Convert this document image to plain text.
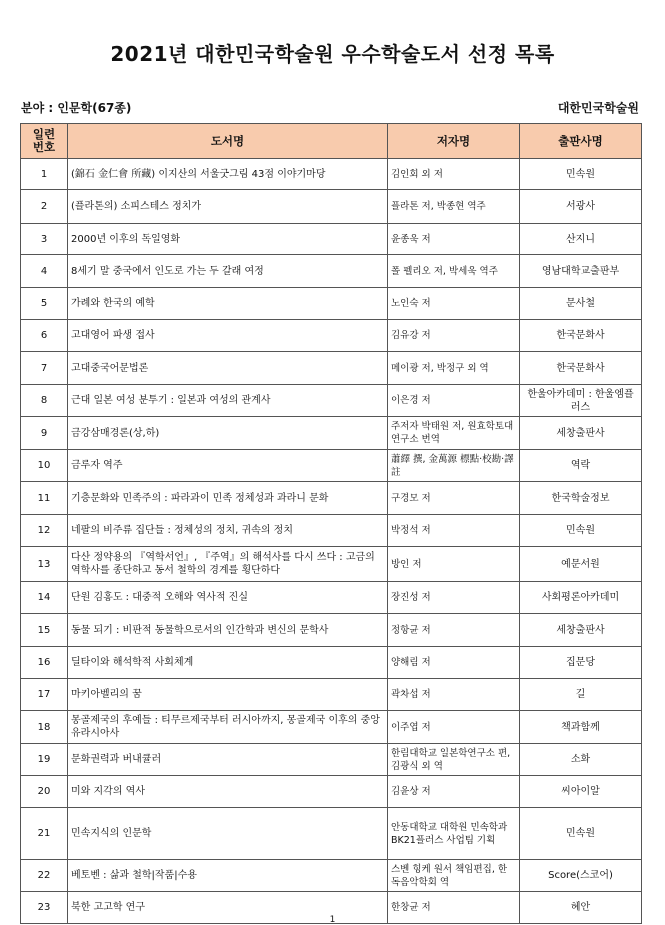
2021년 대한민국학술원 우수학술도서 선정 목록
분야 : 인문학(67종)	대한민국학술원
일련
번호	도서명	저자명	출판사명
1	(錦石 金仁會 所藏) 이지산의 서울굿그림 43점 이야기마당	김인회 외 저	민속원
2	(플라톤의) 소피스테스 정치가	플라톤 저, 박종현 역주	서광사
3	2000년 이후의 독일영화	윤종욱 저	산지니
4	8세기 말 중국에서 인도로 가는 두 갈래 여정	폴 펠리오 저, 박세욱 역주	영남대학교출판부
5	가례와 한국의 예학	노인숙 저	문사철
6	고대영어 파생 접사	김유강 저	한국문화사
7	고대중국어문법론	메이광 저, 박정구 외 역	한국문화사
8	근대 일본 여성 분투기 : 일본과 여성의 관계사	이은경 저	한울아카데미 : 한울엠플러스
9	금강삼매경론(상,하)	주저자 박태원 저, 원효학토대연구소 번역	세창출판사
10	금루자 역주	蕭繹 撰, 金萬源 標點·校勘·譯註	역락
11	기층문화와 민족주의 : 파라과이 민족 정체성과 과라니 문화	구경모 저	한국학술정보
12	네팔의 비주류 집단들 : 정체성의 정치, 귀속의 정치	박정석 저	민속원
13	다산 정약용의 『역학서언』, 『주역』의 해석사를 다시 쓰다 : 고금의 역학사를 종단하고 동서 철학의 경계를 횡단하다	방인 저	예문서원
14	단원 김홍도 : 대중적 오해와 역사적 진실	장진성 저	사회평론아카데미
15	동물 되기 : 비판적 동물학으로서의 인간학과 변신의 문학사	정항균 저	세창출판사
16	딜타이와 해석학적 사회체계	양해림 저	집문당
17	마키아벨리의 꿈	곽차섭 저	길
18	몽골제국의 후예들 : 티무르제국부터 러시아까지, 몽골제국 이후의 중앙유라시아사	이주엽 저	책과함께
19	문화권력과 버내큘러	한림대학교 일본학연구소 편, 김광식 외 역	소화
20	미와 지각의 역사	김윤상 저	씨아이알
21	민속지식의 인문학	안동대학교 대학원 민속학과 BK21플러스 사업팀 기획	민속원
22	베토벤 : 삶과 철학|작품|수용	스벤 힝케 원서 책임편집, 한독음악학회 역	Score(스코어)
23	북한 고고학 연구	한창균 저	혜안
1
